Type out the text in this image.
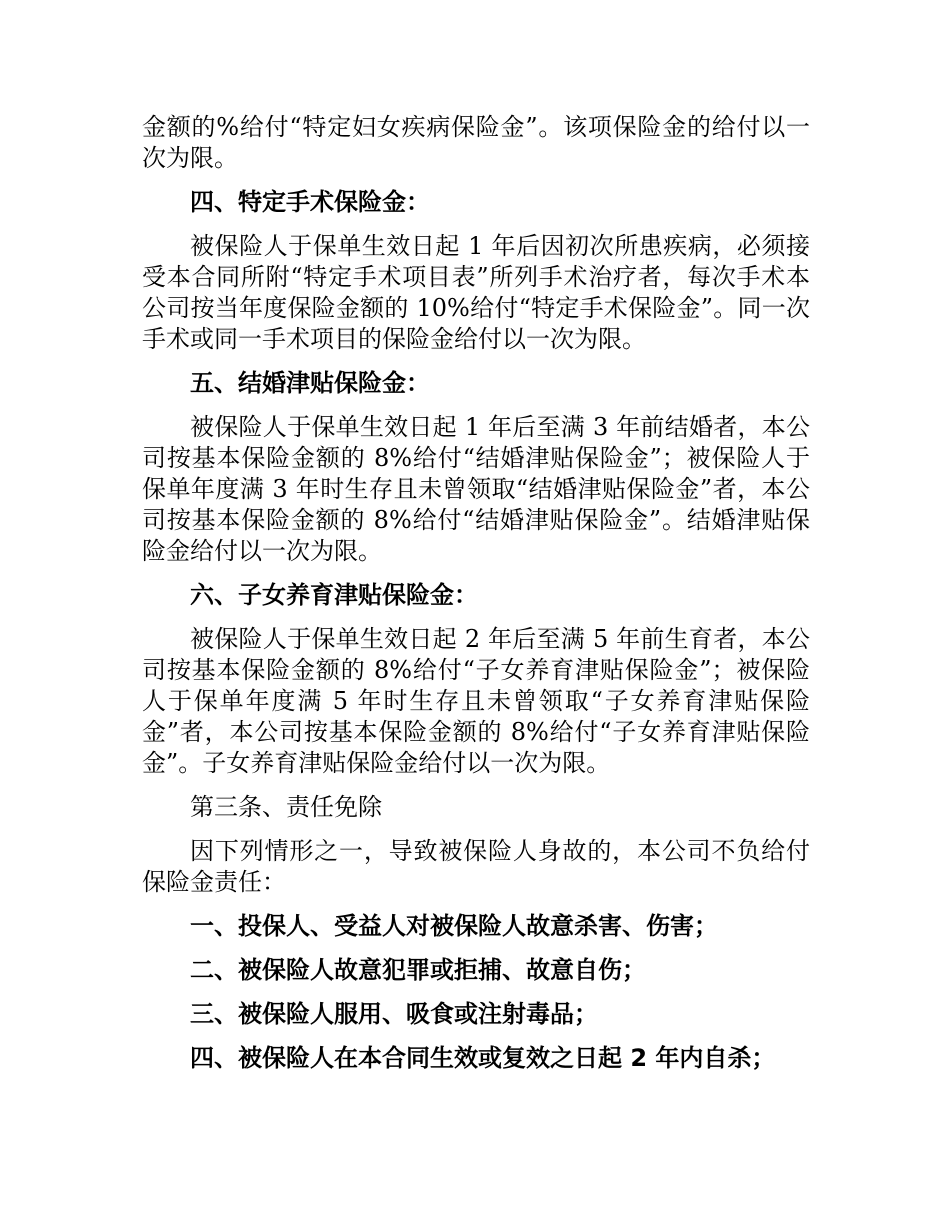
金额的%给付“特定妇女疾病保险金”。该项保险金的给付以一次为限。

四、特定手术保险金：

被保险人于保单生效日起 1 年后因初次所患疾病，必须接受本合同所附“特定手术项目表”所列手术治疗者，每次手术本公司按当年度保险金额的 10%给付“特定手术保险金”。同一次手术或同一手术项目的保险金给付以一次为限。

五、结婚津贴保险金：

被保险人于保单生效日起 1 年后至满 3 年前结婚者，本公司按基本保险金额的 8%给付“结婚津贴保险金”；被保险人于保单年度满 3 年时生存且未曾领取“结婚津贴保险金”者，本公司按基本保险金额的 8%给付“结婚津贴保险金”。结婚津贴保险金给付以一次为限。

六、子女养育津贴保险金：

被保险人于保单生效日起 2 年后至满 5 年前生育者，本公司按基本保险金额的 8%给付“子女养育津贴保险金”；被保险人于保单年度满 5 年时生存且未曾领取“子女养育津贴保险金”者，本公司按基本保险金额的 8%给付“子女养育津贴保险金”。子女养育津贴保险金给付以一次为限。

第三条、责任免除

因下列情形之一，导致被保险人身故的，本公司不负给付保险金责任：

一、投保人、受益人对被保险人故意杀害、伤害；

二、被保险人故意犯罪或拒捕、故意自伤；

三、被保险人服用、吸食或注射毒品；

四、被保险人在本合同生效或复效之日起 2 年内自杀；
